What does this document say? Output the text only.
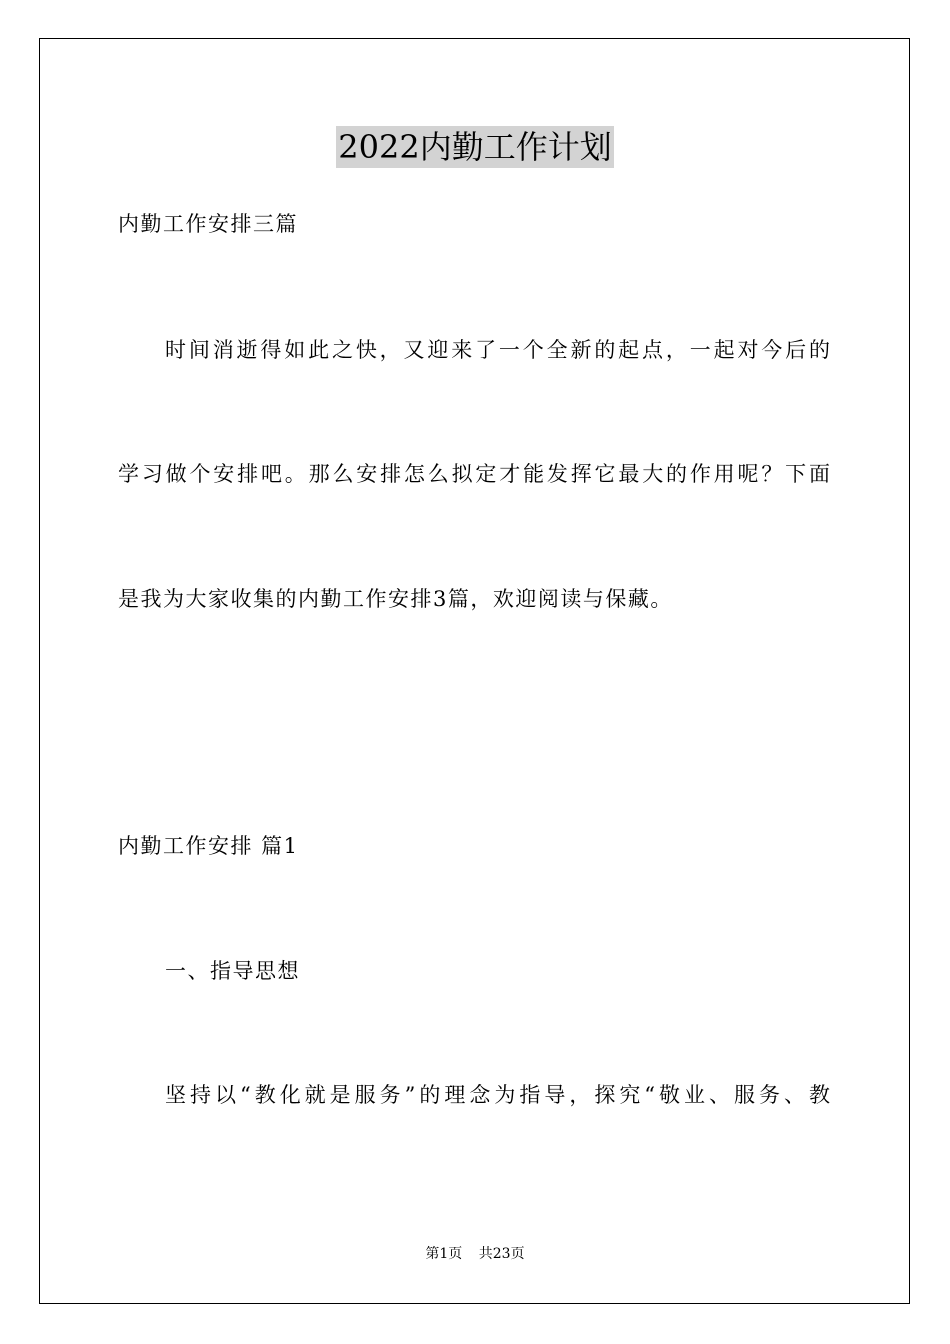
2022内勤工作计划
内勤工作安排三篇
时间消逝得如此之快，又迎来了一个全新的起点，一起对今后的
学习做个安排吧。那么安排怎么拟定才能发挥它最大的作用呢？下面
是我为大家收集的内勤工作安排3篇，欢迎阅读与保藏。
内勤工作安排 篇1
一、指导思想
坚持以“教化就是服务”的理念为指导，探究“敬业、服务、教
第1页 共23页
